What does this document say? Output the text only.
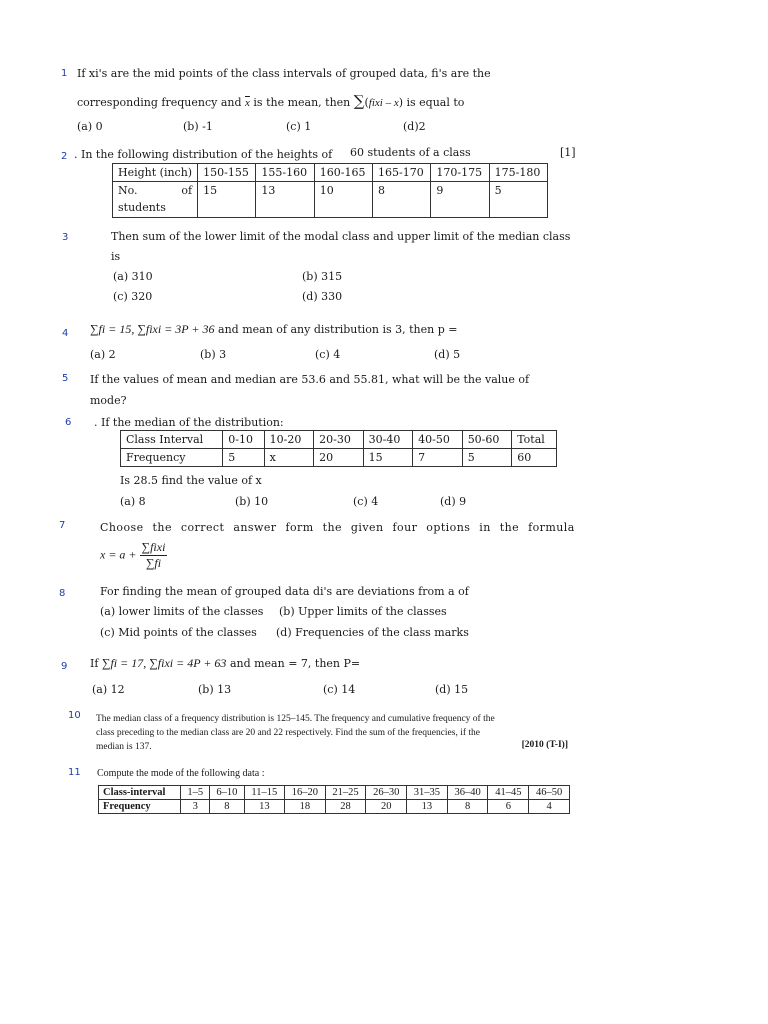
1 If xi's are the mid points of the class intervals of grouped data, fi's are the
corresponding frequency and $\overline{x}$ is the mean, then ∑(fixi – x) is equal to
(a) 0	(b) -1	(c) 1	(d)2
2 . In the following distribution of the heights of 60 students of a class	[1]
Height (inch)	150-155	155-160	160-165	165-170	170-175	175-180
No. of

students	15	13	10	8	9	5
3	Then sum of the lower limit of the modal class and upper limit of the median class
is
(a) 310	(b) 315
(c) 320	(d) 330
4 ∑fi = 15, ∑fixi = 3P + 36 and mean of any distribution is 3, then p =
(a) 2	(b) 3	(c) 4	(d) 5
5 If the values of mean and median are 53.6 and 55.81, what will be the value of
mode?
6 . If the median of the distribution:
Class Interval	0-10	10-20	20-30	30-40	40-50	50-60	Total
Frequency	5	x	20	15	7	5	60
Is 28.5 find the value of x
(a) 8	(b) 10	(c) 4	(d) 9
7	Choose the correct answer form the given four options in the formula
$x = a + \frac{\text{∑fixi}}{\sum fi}$
8	For finding the mean of grouped data di's are deviations from a of
(a) lower limits of the classes (b) Upper limits of the classes
(c) Mid points of the classes (d) Frequencies of the class marks
9 If ∑fi = 17, ∑fixi = 4P + 63 and mean = 7, then P=
(a) 12	(b) 13	(c) 14	(d) 15
10 The median class of a frequency distribution is 125–145. The frequency and cumulative frequency of the
class preceding to the median class are 20 and 22 respectively. Find the sum of the frequencies, if the
median is 137.	[2010 (T-I)]
11 Compute the mode of the following data :
Class-interval	1–5	6–10	11–15	16–20	21–25	26–30	31–35	36–40	41–45	46–50
Frequency	3	8	13	18	28	20	13	8	6	4
